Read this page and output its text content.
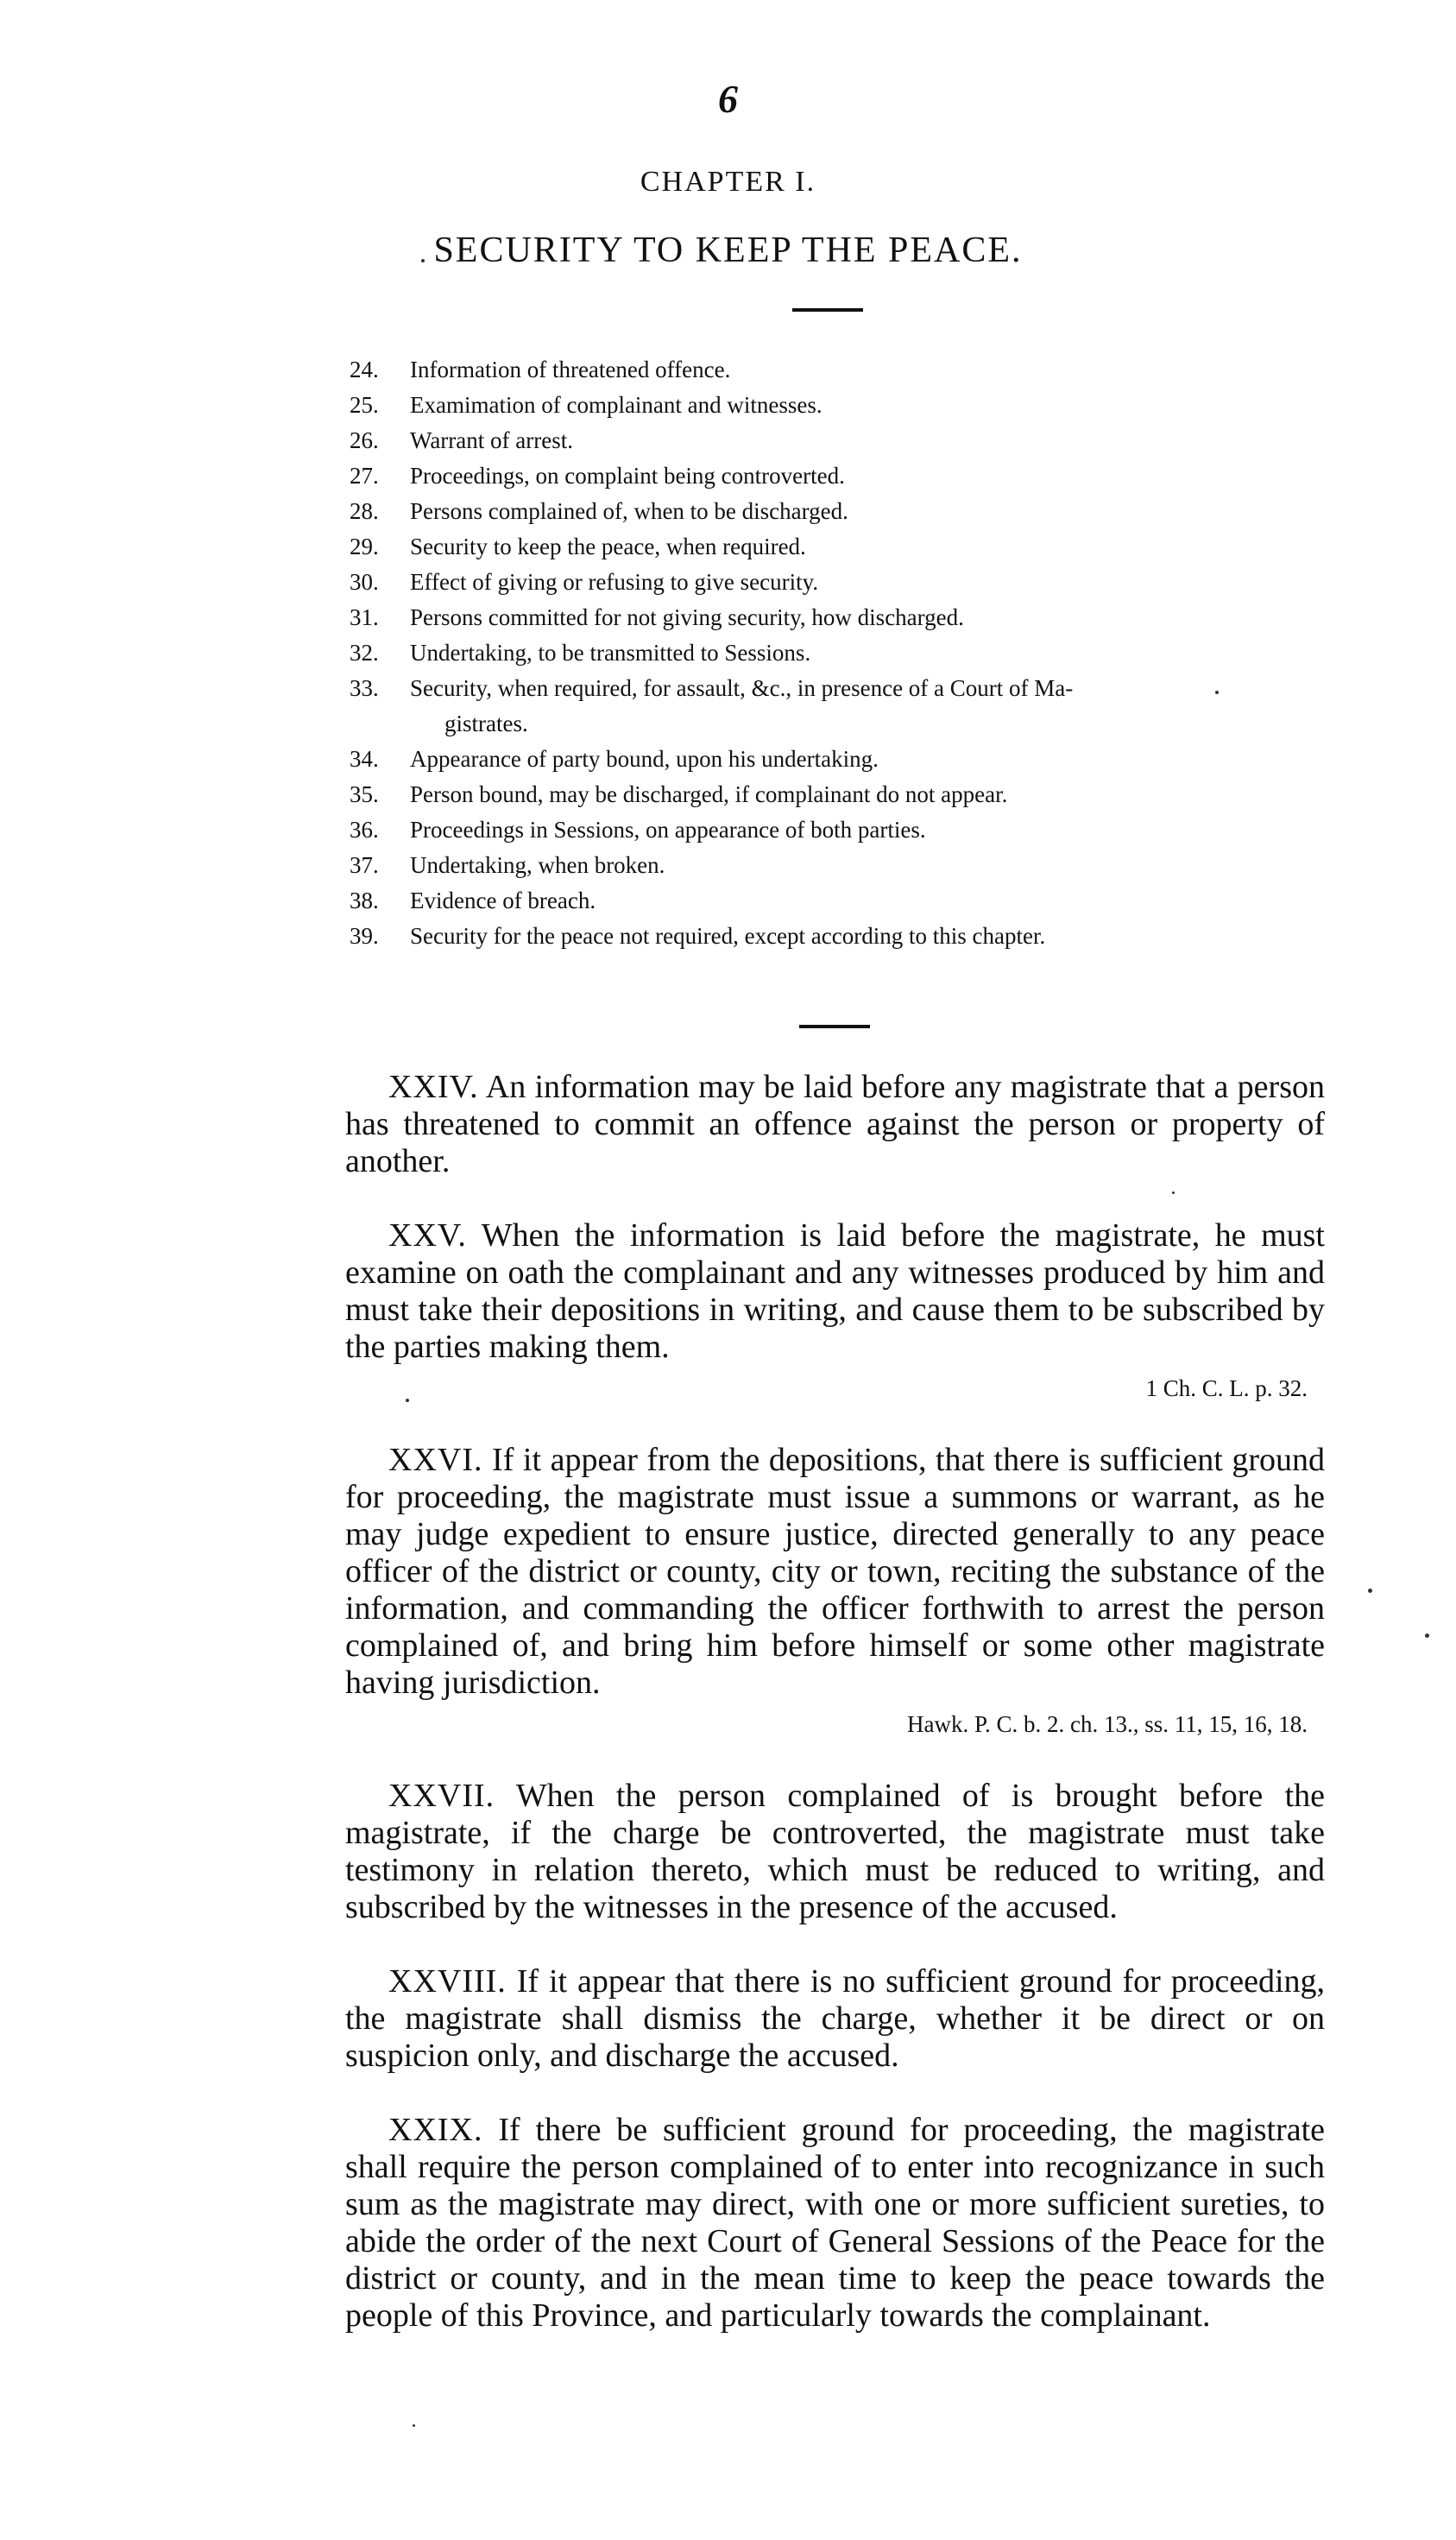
6
CHAPTER I.
SECURITY TO KEEP THE PEACE.
24. Information of threatened offence.
25. Examimation of complainant and witnesses.
26. Warrant of arrest.
27. Proceedings, on complaint being controverted.
28. Persons complained of, when to be discharged.
29. Security to keep the peace, when required.
30. Effect of giving or refusing to give security.
31. Persons committed for not giving security, how discharged.
32. Undertaking, to be transmitted to Sessions.
33. Security, when required, for assault, &c., in presence of a Court of Ma-
gistrates.
34. Appearance of party bound, upon his undertaking.
35. Person bound, may be discharged, if complainant do not appear.
36. Proceedings in Sessions, on appearance of both parties.
37. Undertaking, when broken.
38. Evidence of breach.
39. Security for the peace not required, except according to this chapter.

XXIV. An information may be laid before any magistrate that a person has threatened to commit an offence against the person or property of another.

XXV. When the information is laid before the magistrate, he must examine on oath the complainant and any witnesses produced by him and must take their depositions in writing, and cause them to be subscribed by the parties making them.

1 Ch. C. L. p. 32.

XXVI. If it appear from the depositions, that there is sufficient ground for proceeding, the magistrate must issue a summons or warrant, as he may judge expedient to ensure justice, directed generally to any peace officer of the district or county, city or town, reciting the substance of the information, and commanding the officer forthwith to arrest the person complained of, and bring him before himself or some other magistrate having jurisdiction.

Hawk. P. C. b. 2. ch. 13., ss. 11, 15, 16, 18.

XXVII. When the person complained of is brought before the magistrate, if the charge be controverted, the magistrate must take testimony in relation thereto, which must be reduced to writing, and subscribed by the witnesses in the presence of the accused.

XXVIII. If it appear that there is no sufficient ground for proceeding, the magistrate shall dismiss the charge, whether it be direct or on suspicion only, and discharge the accused.

XXIX. If there be sufficient ground for proceeding, the magistrate shall require the person complained of to enter into recognizance in such sum as the magistrate may direct, with one or more sufficient sureties, to abide the order of the next Court of General Sessions of the Peace for the district or county, and in the mean time to keep the peace towards the people of this Province, and particularly towards the complainant.
